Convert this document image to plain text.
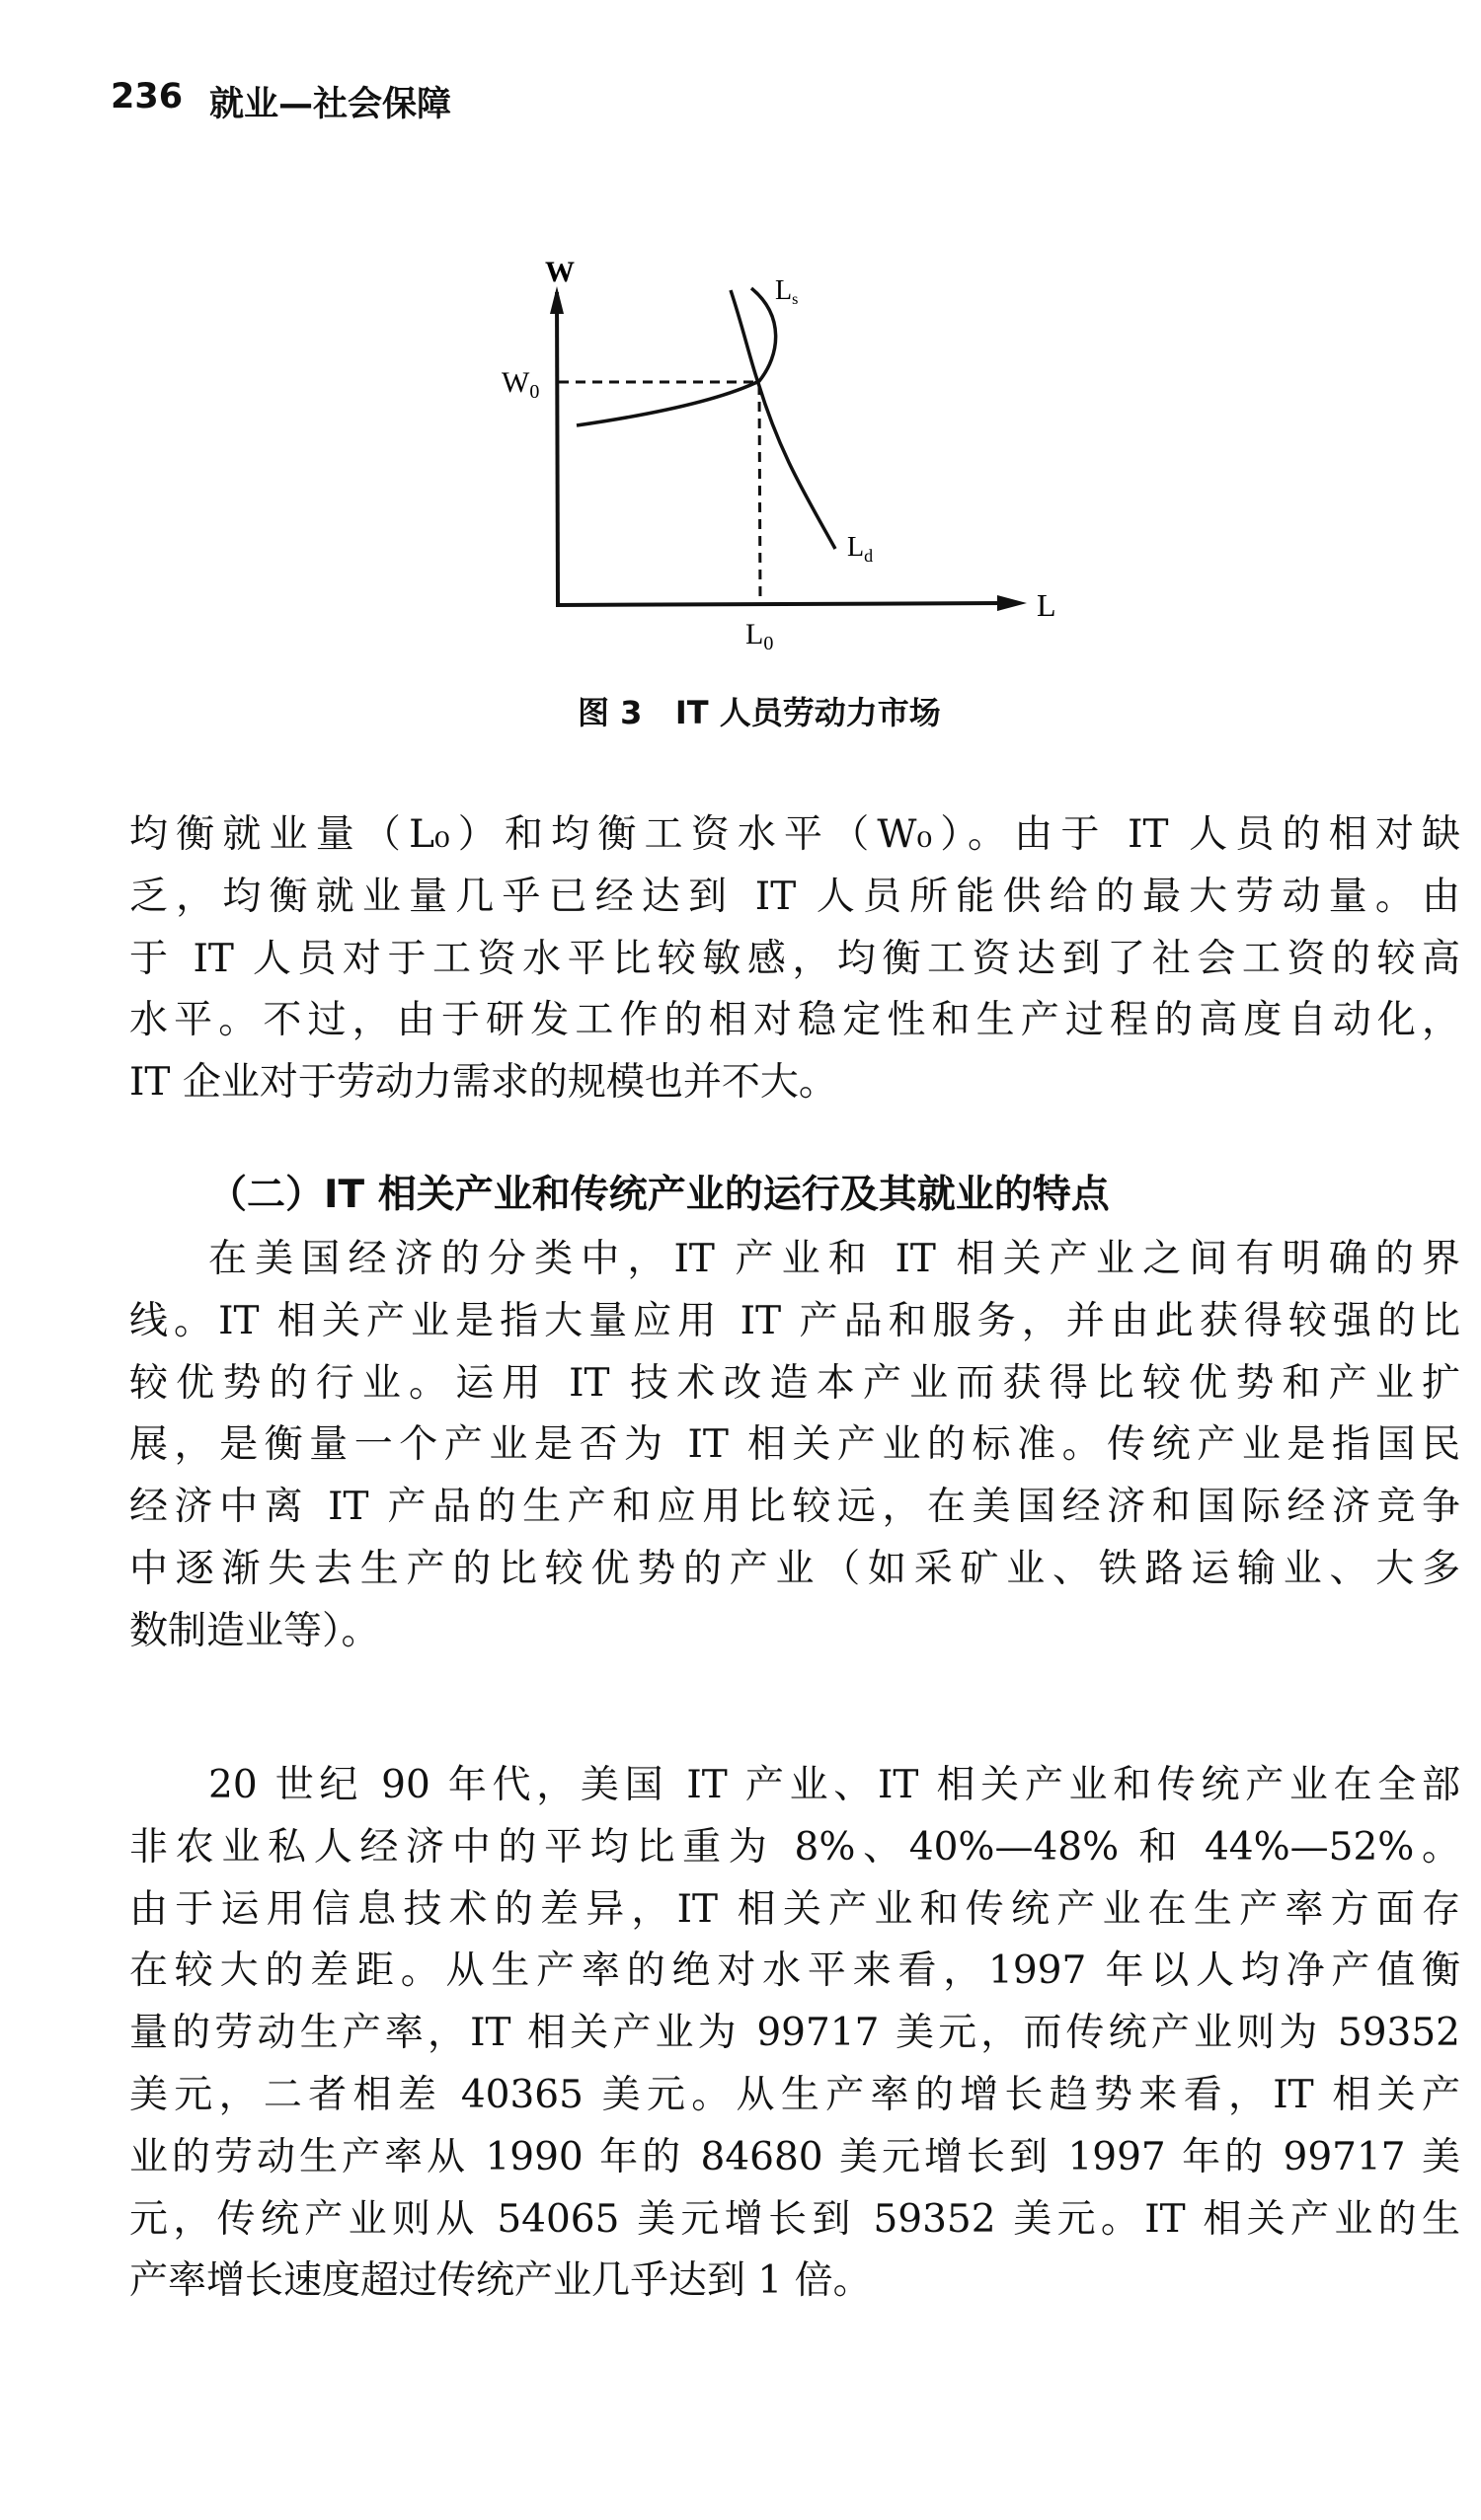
236 就业—社会保障
W
L
$W_0$
$L_0$
Ls
$L_d$
图 3   IT 人员劳动力市场
均衡就业量（L₀）和均衡工资水平（W₀）。由于 IT 人员的相对缺
乏，均衡就业量几乎已经达到 IT 人员所能供给的最大劳动量。由
于 IT 人员对于工资水平比较敏感，均衡工资达到了社会工资的较高
水平。不过，由于研发工作的相对稳定性和生产过程的高度自动化，
IT 企业对于劳动力需求的规模也并不大。
（二）IT 相关产业和传统产业的运行及其就业的特点
在美国经济的分类中，IT 产业和 IT 相关产业之间有明确的界
线。IT 相关产业是指大量应用 IT 产品和服务，并由此获得较强的比
较优势的行业。运用 IT 技术改造本产业而获得比较优势和产业扩
展，是衡量一个产业是否为 IT 相关产业的标准。传统产业是指国民
经济中离 IT 产品的生产和应用比较远，在美国经济和国际经济竞争
中逐渐失去生产的比较优势的产业（如采矿业、铁路运输业、大多
数制造业等）。
20 世纪 90 年代，美国 IT 产业、IT 相关产业和传统产业在全部
非农业私人经济中的平均比重为 8%、40%—48% 和 44%—52%。
由于运用信息技术的差异，IT 相关产业和传统产业在生产率方面存
在较大的差距。从生产率的绝对水平来看，1997 年以人均净产值衡
量的劳动生产率，IT 相关产业为 99717 美元，而传统产业则为 59352
美元，二者相差 40365 美元。从生产率的增长趋势来看，IT 相关产
业的劳动生产率从 1990 年的 84680 美元增长到 1997 年的 99717 美
元，传统产业则从 54065 美元增长到 59352 美元。IT 相关产业的生
产率增长速度超过传统产业几乎达到 1 倍。
